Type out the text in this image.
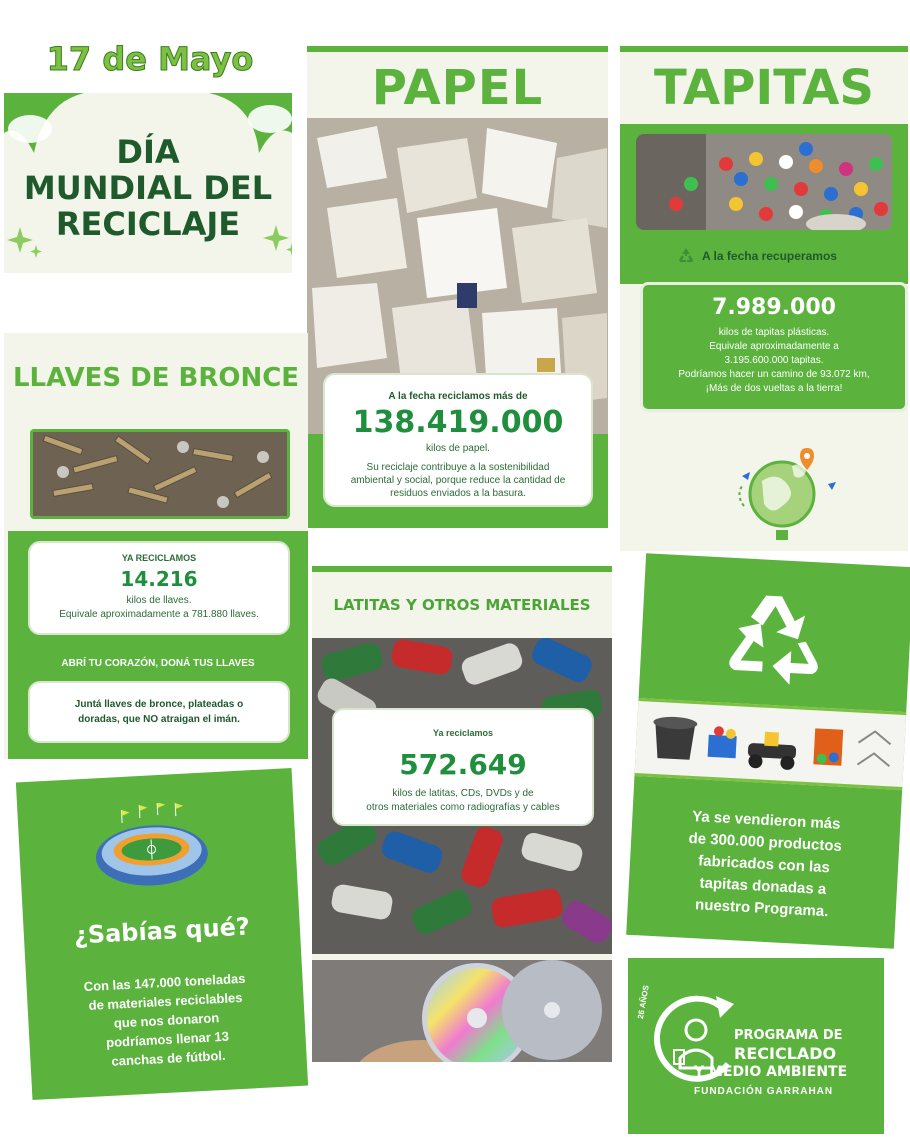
17 de Mayo
DÍA
MUNDIAL DEL
RECICLAJE
PAPEL
A la fecha reciclamos más de
138.419.000
kilos de papel.
Su reciclaje contribuye a la sostenibilidad ambiental y social, porque reduce la cantidad de residuos enviados a la basura.
TAPITAS
A la fecha recuperamos
7.989.000
kilos de tapitas plásticas.
Equivale aproximadamente a
3.195.600.000 tapitas.
Podríamos hacer un camino de 93.072 km,
¡Más de dos vueltas a la tierra!
LLAVES DE BRONCE
YA RECICLAMOS
14.216
kilos de llaves.
Equivale aproximadamente a 781.880 llaves.
ABRÍ TU CORAZÓN, DONÁ TUS LLAVES
Juntá llaves de bronce, plateadas o
doradas, que NO atraigan el imán.
LATITAS Y OTROS MATERIALES
Ya reciclamos
572.649
kilos de latitas, CDs, DVDs y de
otros materiales como radiografías y cables
¿Sabías qué?
Con las 147.000 toneladas
de materiales reciclables
que nos donaron
podríamos llenar 13
canchas de fútbol.
Ya se vendieron más
de 300.000 productos
fabricados con las
tapitas donadas a
nuestro Programa.
26 AÑOS
PROGRAMA DE
RECICLADO
Y MEDIO AMBIENTE
FUNDACIÓN GARRAHAN
